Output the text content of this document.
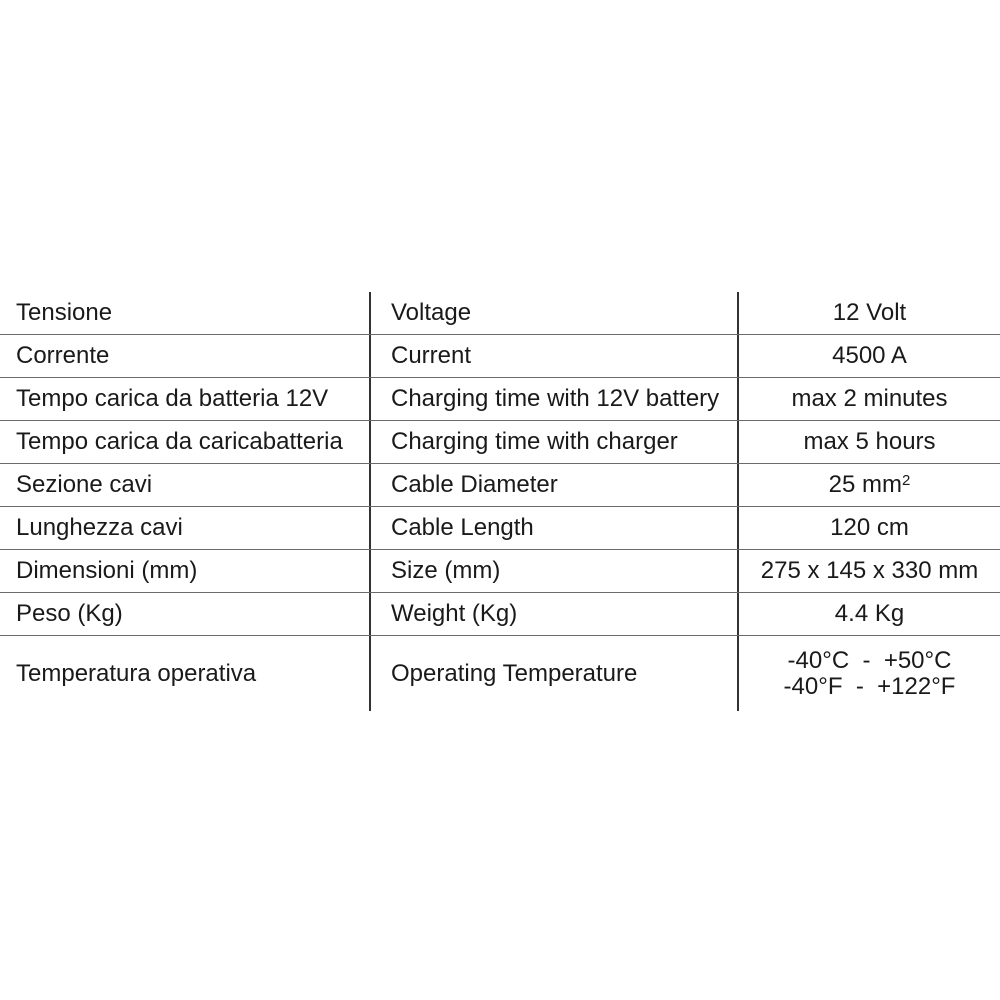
Tensione	Voltage	12 Volt
Corrente	Current	4500 A
Tempo carica da batteria 12V	Charging time with 12V battery	max 2 minutes
Tempo carica da caricabatteria	Charging time with charger	max 5 hours
Sezione cavi	Cable Diameter	25 $mm^2$
Lunghezza cavi	Cable Length	120 cm
Dimensioni (mm)	Size (mm)	275 x 145 x 330 mm
Peso (Kg)	Weight (Kg)	4.4 Kg
Temperatura operativa	Operating Temperature	-40°C  -  +50°C
-40°F  -  +122°F
